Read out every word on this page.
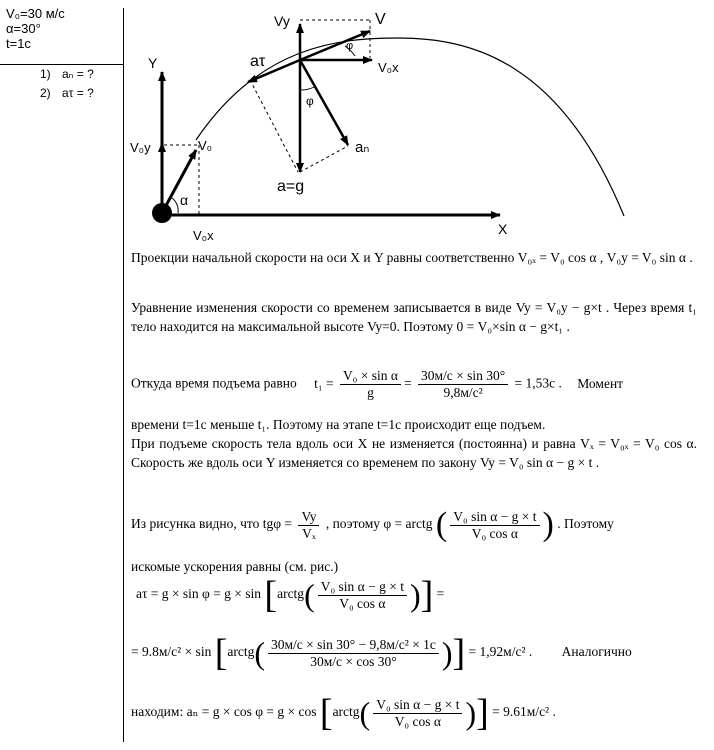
V₀=30 м/с
α=30°
t=1с
1) aₙ = ?
2) aτ = ?
Y
X
V₀y	V₀
α
V₀x
Vy	V
φ
V₀x
aτ
φ
aₙ
a=g
Проекции начальной скорости на оси X и Y равны соответственно V₀ₓ = V₀ cos α , V₀y = V₀ sin α .
Уравнение изменения скорости со временем записывается в виде Vy = V₀y − g×t . Через время t₁ тело находится на максимальной высоте Vy=0. Поэтому 0 = V₀×sin α − g×t₁ .
Откуда время подъема равно $t_1 = \frac{\text{V₀ × sin α}}{g} = \frac{30м/с \times \sin 30^\circ}{\text{9,8м/с²}} = 1,53с$ . Момент
времени t=1с меньше t₁. Поэтому на этапе t=1с происходит еще подъем.
При подъеме скорость тела вдоль оси X не изменяется (постоянна) и равна Vₓ = V₀ₓ = V₀ cos α. Скорость же вдоль оси Y изменяется со временем по закону Vy = V₀ sin α − g × t .
Из рисунка видно, что $tg\varphi = \frac{Vy}{\text{Vₓ}}$ , поэтому φ = arctg ( $\frac{\text{V₀ sin α − g × t}}{\text{V₀ cos α}}$ ) . Поэтому
искомые ускорения равны (см. рис.)
aτ = g × sin φ = g × sin [arctg( $\frac{\text{V₀ sin α − g × t}}{\text{V₀ cos α}}$ )] =
= 9.8м/с² × sin [arctg( $\frac{\text{30м/с × sin 30° − 9,8м/с² × 1с}}{30м/с \times \cos 30^\circ}$ )] = 1,92м/с² . Аналогично
находим: aₙ = g × cos φ = g × cos [arctg( $\frac{\text{V₀ sin α − g × t}}{\text{V₀ cos α}}$ )] = 9.61м/с² .
